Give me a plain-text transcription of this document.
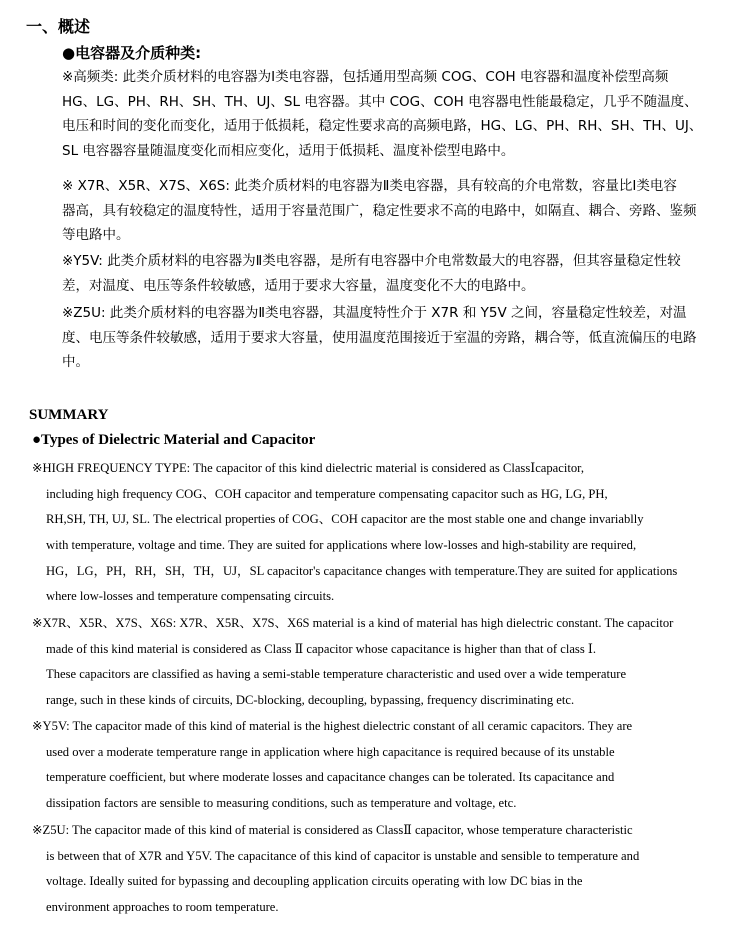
一、概述
●电容器及介质种类:
※高频类: 此类介质材料的电容器为Ⅰ类电容器，包括通用型高频 COG、COH 电容器和温度补偿型高频
HG、LG、PH、RH、SH、TH、UJ、SL 电容器。其中 COG、COH 电容器电性能最稳定，几乎不随温度、
电压和时间的变化而变化，适用于低损耗，稳定性要求高的高频电路，HG、LG、PH、RH、SH、TH、UJ、
SL 电容器容量随温度变化而相应变化，适用于低损耗、温度补偿型电路中。
※ X7R、X5R、X7S、X6S: 此类介质材料的电容器为Ⅱ类电容器，具有较高的介电常数，容量比Ⅰ类电容
器高，具有较稳定的温度特性，适用于容量范围广，稳定性要求不高的电路中，如隔直、耦合、旁路、鉴频
等电路中。
※Y5V: 此类介质材料的电容器为Ⅱ类电容器，是所有电容器中介电常数最大的电容器，但其容量稳定性较
差，对温度、电压等条件较敏感，适用于要求大容量，温度变化不大的电路中。
※Z5U: 此类介质材料的电容器为Ⅱ类电容器，其温度特性介于 X7R 和 Y5V 之间，容量稳定性较差，对温
度、电压等条件较敏感，适用于要求大容量，使用温度范围接近于室温的旁路，耦合等，低直流偏压的电路
中。
SUMMARY
●Types of Dielectric Material and Capacitor
※HIGH FREQUENCY TYPE: The capacitor of this kind dielectric material is considered as ClassⅠcapacitor,
including high frequency COG、COH capacitor and temperature compensating capacitor such as HG, LG, PH,
RH,SH, TH, UJ, SL. The electrical properties of COG、COH capacitor are the most stable one and change invariablly
with temperature, voltage and time. They are suited for applications where low-losses and high-stability are required,
HG，LG，PH，RH，SH，TH，UJ，SL capacitor's capacitance changes with temperature.They are suited for applications
where low-losses and temperature compensating circuits.
※X7R、X5R、X7S、X6S: X7R、X5R、X7S、X6S material is a kind of material has high dielectric constant. The capacitor
made of this kind material is considered as Class Ⅱ capacitor whose capacitance is higher than that of class Ⅰ.
These capacitors are classified as having a semi-stable temperature characteristic and used over a wide temperature
range, such in these kinds of circuits, DC-blocking, decoupling, bypassing, frequency discriminating etc.
※Y5V: The capacitor made of this kind of material is the highest dielectric constant of all ceramic capacitors. They are
used over a moderate temperature range in application where high capacitance is required because of its unstable
temperature coefficient, but where moderate losses and capacitance changes can be tolerated. Its capacitance and
dissipation factors are sensible to measuring conditions, such as temperature and voltage, etc.
※Z5U: The capacitor made of this kind of material is considered as ClassⅡ capacitor, whose temperature characteristic
is between that of X7R and Y5V. The capacitance of this kind of capacitor is unstable and sensible to temperature and
voltage. Ideally suited for bypassing and decoupling application circuits operating with low DC bias in the
environment approaches to room temperature.
